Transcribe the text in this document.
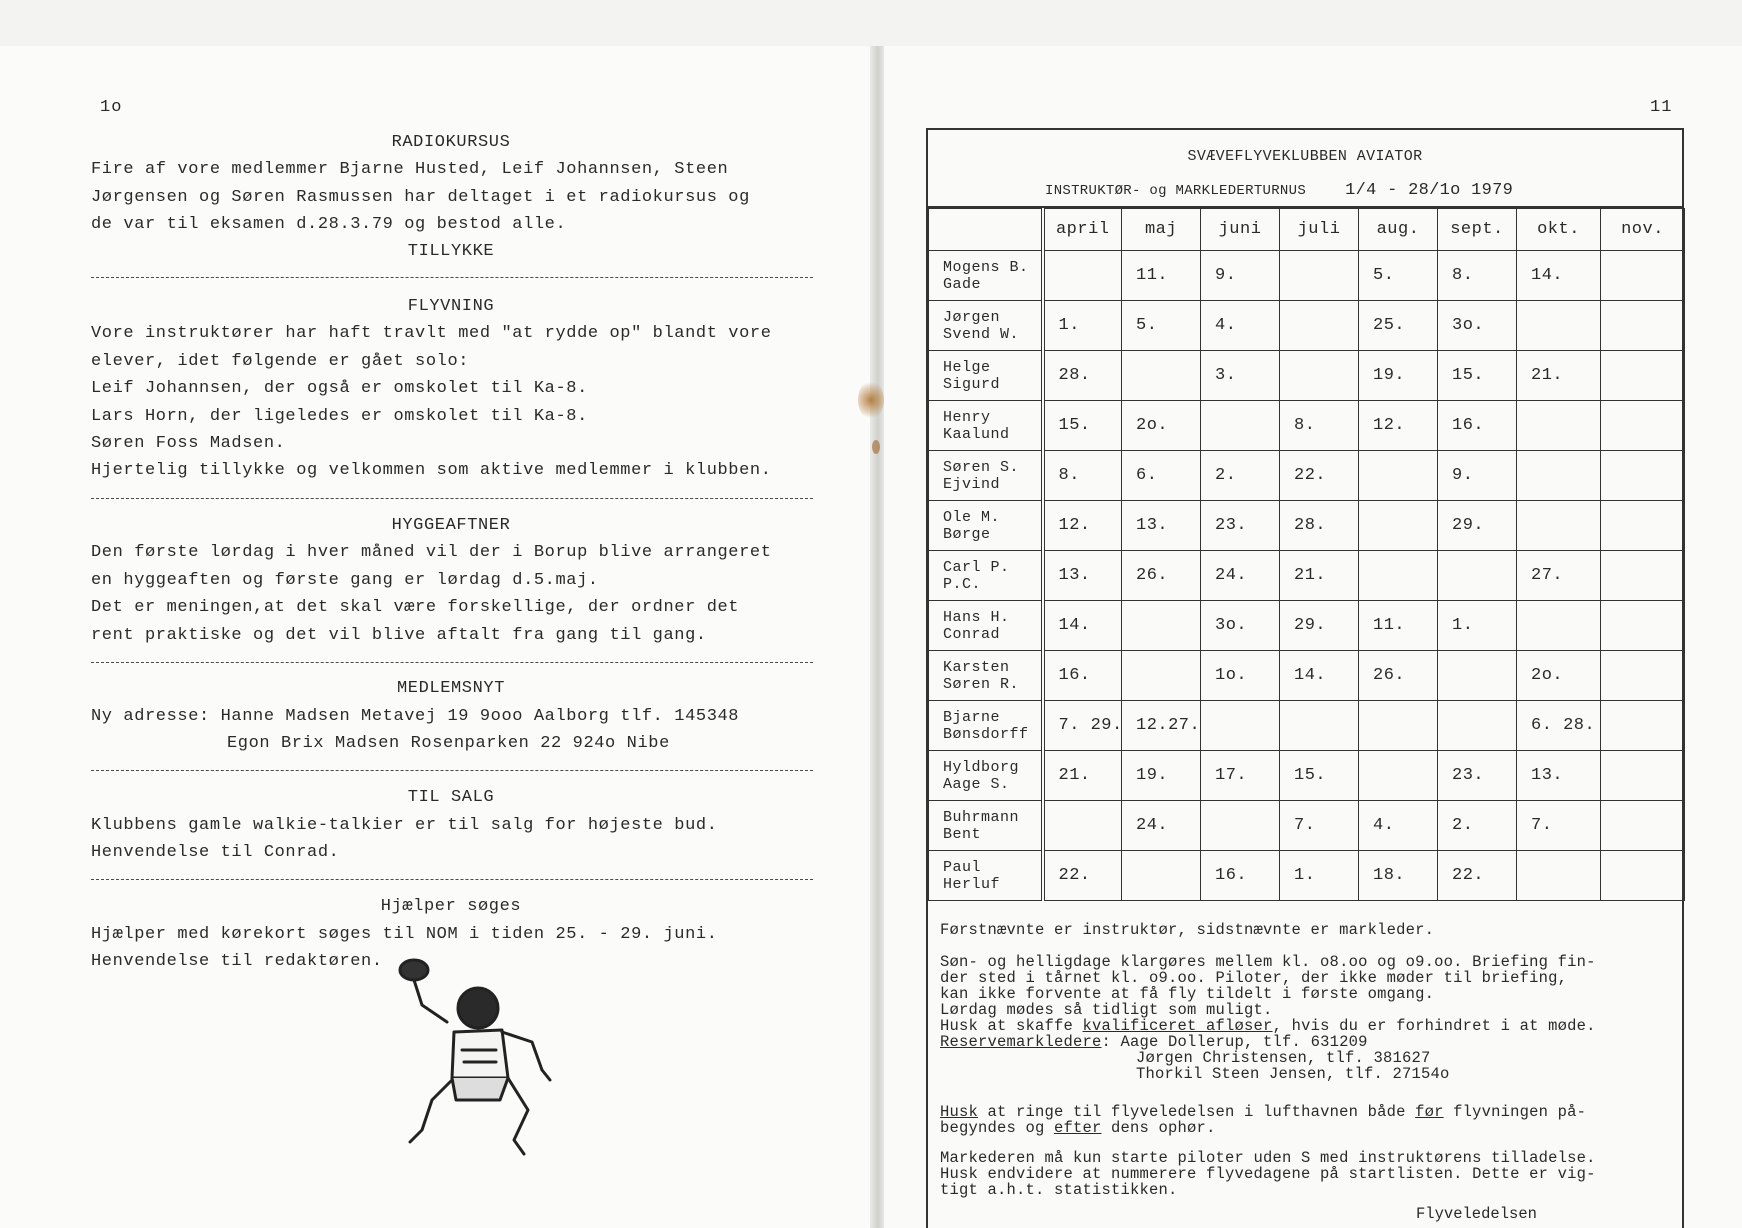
1o
RADIOKURSUS
Fire af vore medlemmer Bjarne Husted, Leif Johannsen, Steen
Jørgensen og Søren Rasmussen har deltaget i et radiokursus og
de var til eksamen d.28.3.79 og bestod alle.
TILLYKKE
FLYVNING
Vore instruktører har haft travlt med "at rydde op" blandt vore
elever, idet følgende er gået solo:
Leif Johannsen, der også er omskolet til Ka-8.
Lars Horn, der ligeledes er omskolet til Ka-8.
Søren Foss Madsen.
Hjertelig tillykke og velkommen som aktive medlemmer i klubben.
HYGGEAFTNER
Den første lørdag i hver måned vil der i Borup blive arrangeret
en hyggeaften og første gang er lørdag d.5.maj.
Det er meningen,at det skal være forskellige, der ordner det
rent praktiske og det vil blive aftalt fra gang til gang.
MEDLEMSNYT
Ny adresse: Hanne Madsen Metavej 19 9ooo Aalborg tlf. 145348
Egon Brix Madsen Rosenparken 22 924o Nibe
TIL SALG
Klubbens gamle walkie-talkier er til salg for højeste bud.
Henvendelse til Conrad.
Hjælper søges
Hjælper med kørekort søges til NOM i tiden 25. - 29. juni.
Henvendelse til redaktøren.
11
SVÆVEFLYVEKLUBBEN AVIATOR
INSTRUKTØR- og MARKLEDERTURNUS 1/4 - 28/1o 1979
	april	maj	juni	juli	aug.	sept.	okt.	nov.

Mogens B.
Gade		11.	9.		5.	8.	14.	

Jørgen
Svend W.	1.	5.	4.		25.	3o.		

Helge
Sigurd	28.		3.		19.	15.	21.	

Henry
Kaalund	15.	2o.		8.	12.	16.		

Søren S.
Ejvind	8.	6.	2.	22.		9.		

Ole M.
Børge	12.	13.	23.	28.		29.		

Carl P.
P.C.	13.	26.	24.	21.			27.	

Hans H.
Conrad	14.		3o.	29.	11.	1.		

Karsten
Søren R.	16.		1o.	14.	26.		2o.	

Bjarne
Bønsdorff	7. 29.	12.27.					6. 28.	

Hyldborg
Aage S.	21.	19.	17.	15.		23.	13.	

Buhrmann
Bent		24.		7.	4.	2.	7.	

Paul
Herluf	22.		16.	1.	18.	22.		
Førstnævnte er instruktør, sidstnævnte er markleder.
Søn- og helligdage klargøres mellem kl. o8.oo og o9.oo. Briefing fin-
der sted i tårnet kl. o9.oo. Piloter, der ikke møder til briefing,
kan ikke forvente at få fly tildelt i første omgang.
Lørdag mødes så tidligt som muligt.
Husk at skaffe kvalificeret afløser, hvis du er forhindret i at møde.
Reservemarkledere: Aage Dollerup, tlf. 631209
Jørgen Christensen, tlf. 381627
Thorkil Steen Jensen, tlf. 27154o
Husk at ringe til flyveledelsen i lufthavnen både før flyvningen på-
begyndes og efter dens ophør.
Markederen må kun starte piloter uden S med instruktørens tilladelse.
Husk endvidere at nummerere flyvedagene på startlisten. Dette er vig-
tigt a.h.t. statistikken.
Flyveledelsen
